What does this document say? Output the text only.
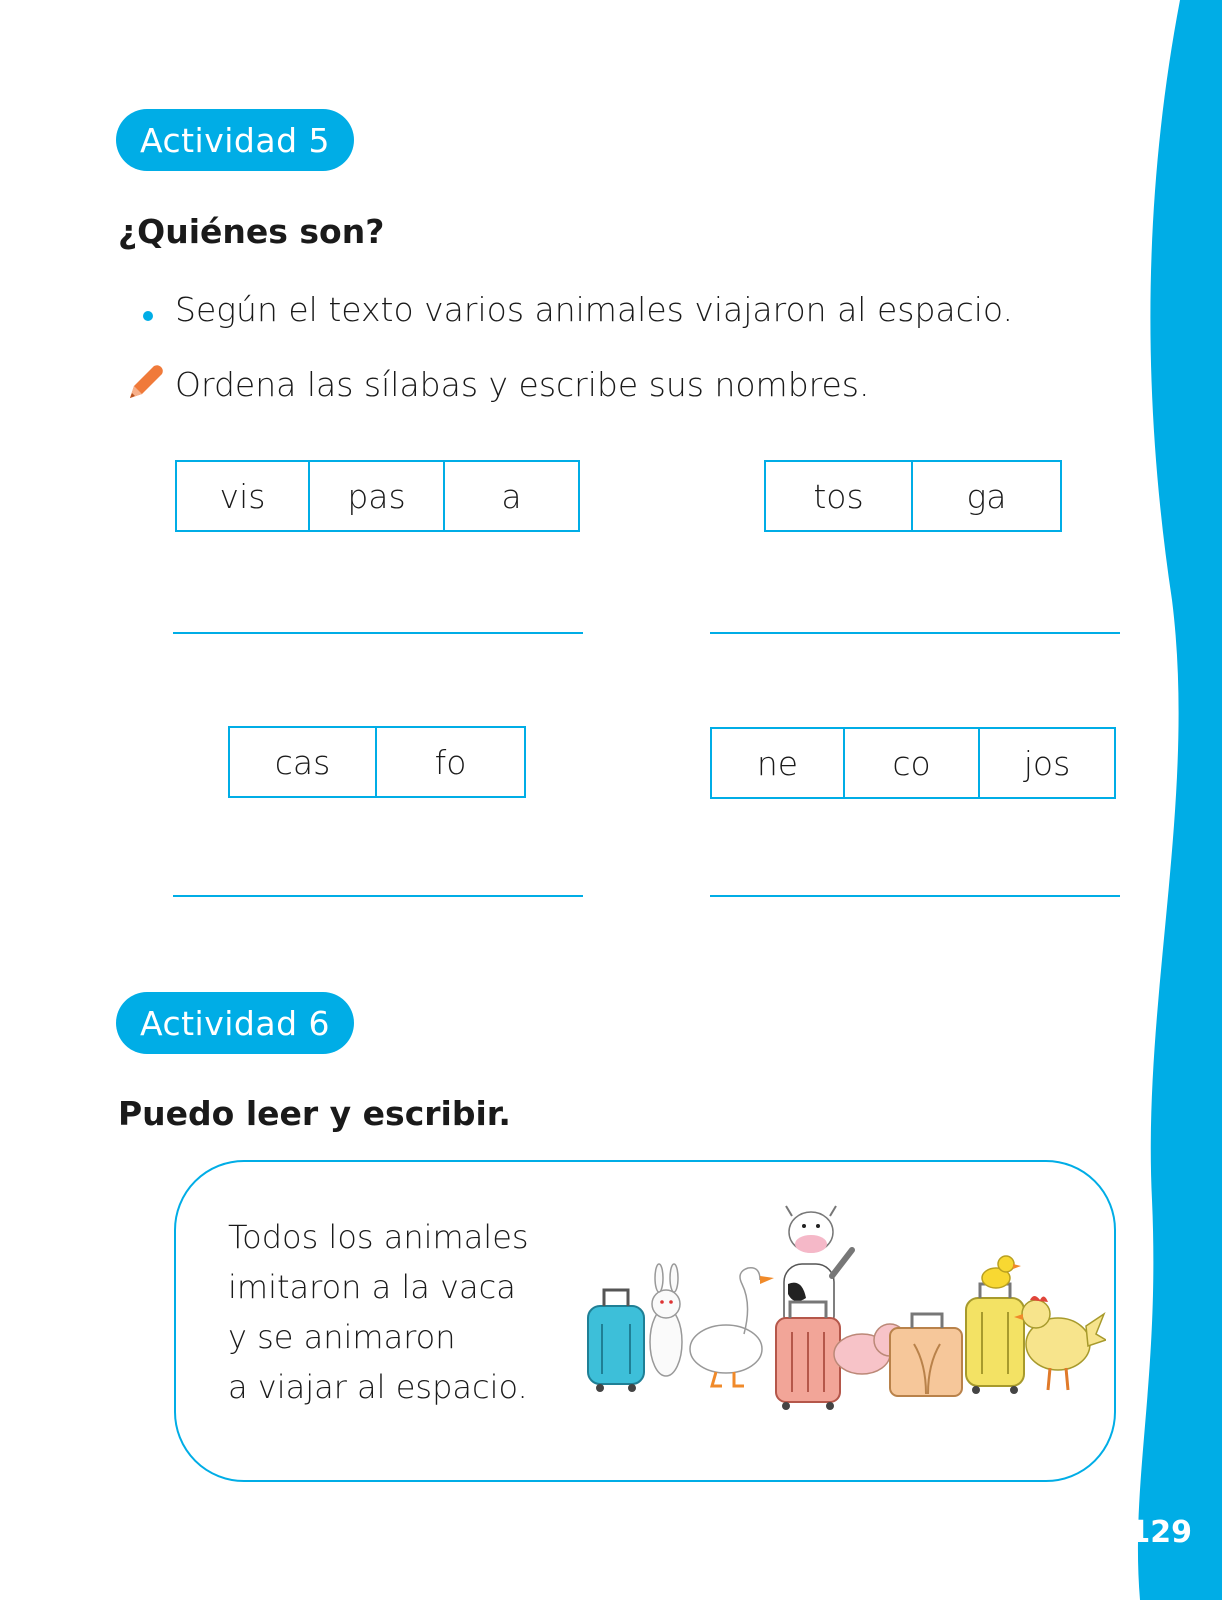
129
Actividad 5
¿Quiénes son?
Según el texto varios animales viajaron al espacio.
Ordena las sílabas y escribe sus nombres.
vis	pas	a	tos	ga
cas	fo	ne	co	jos
Actividad 6
Puedo leer y escribir.
Todos los animales
imitaron a la vaca
y se animaron
a viajar al espacio.
